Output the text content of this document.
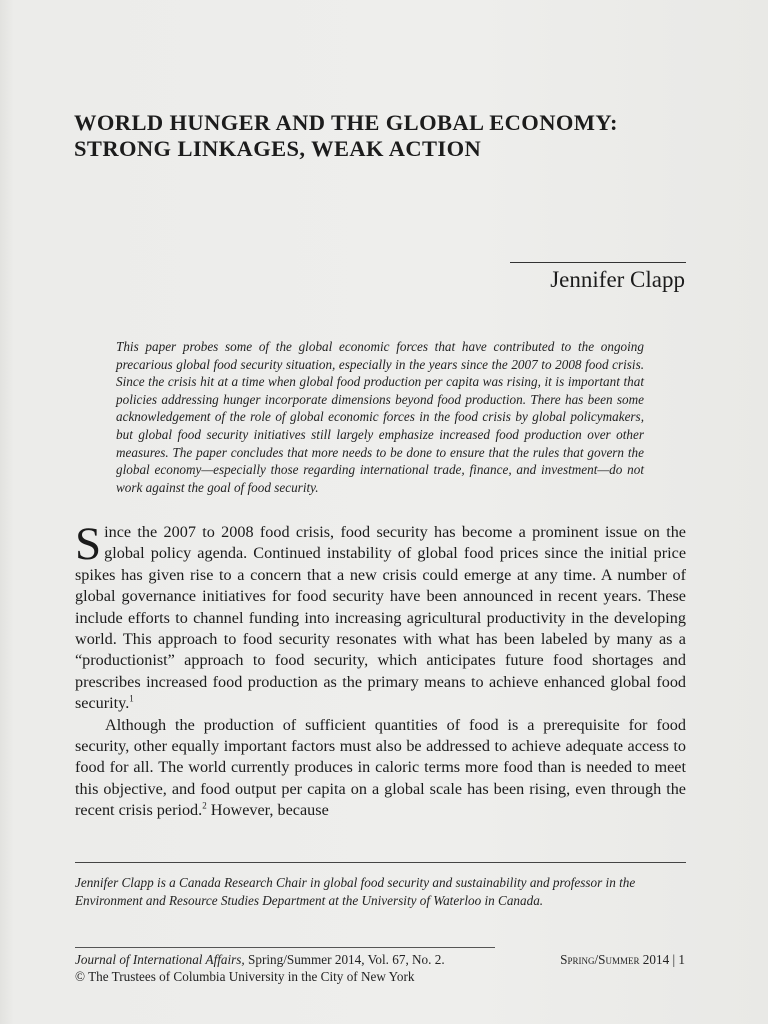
WORLD HUNGER AND THE GLOBAL ECONOMY: STRONG LINKAGES, WEAK ACTION
Jennifer Clapp
This paper probes some of the global economic forces that have contributed to the ongoing precarious global food security situation, especially in the years since the 2007 to 2008 food crisis. Since the crisis hit at a time when global food production per capita was rising, it is important that policies addressing hunger incorporate dimensions beyond food production. There has been some acknowledgement of the role of global economic forces in the food crisis by global policymakers, but global food security initiatives still largely emphasize increased food production over other measures. The paper concludes that more needs to be done to ensure that the rules that govern the global economy—especially those regarding international trade, finance, and investment—do not work against the goal of food security.

Since the 2007 to 2008 food crisis, food security has become a prominent issue on the global policy agenda. Continued instability of global food prices since the initial price spikes has given rise to a concern that a new crisis could emerge at any time. A number of global governance initiatives for food security have been announced in recent years. These include efforts to channel funding into increasing agricultural productivity in the developing world. This approach to food security resonates with what has been labeled by many as a “productionist” approach to food security, which anticipates future food shortages and prescribes increased food production as the primary means to achieve enhanced global food security.$^1$

Although the production of sufficient quantities of food is a prerequisite for food security, other equally important factors must also be addressed to achieve adequate access to food for all. The world currently produces in caloric terms more food than is needed to meet this objective, and food output per capita on a global scale has been rising, even through the recent crisis period.$^2$ However, because

Jennifer Clapp is a Canada Research Chair in global food security and sustainability and professor in the Environment and Resource Studies Department at the University of Waterloo in Canada.
Journal of International Affairs, Spring/Summer 2014, Vol. 67, No. 2.
© The Trustees of Columbia University in the City of New York
Spring/Summer 2014 | 1
